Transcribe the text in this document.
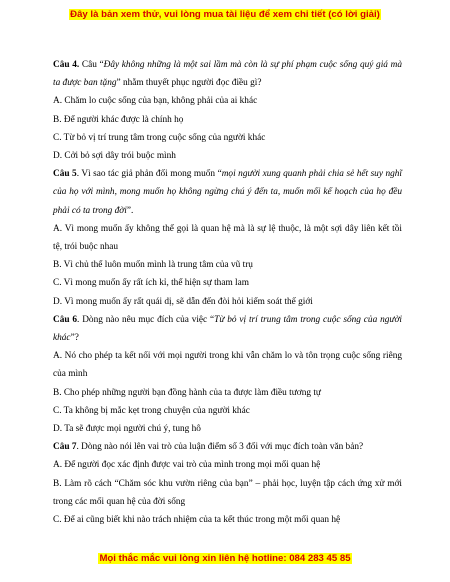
Đây là bản xem thử, vui lòng mua tài liệu để xem chi tiết (có lời giải)

Câu 4. Câu “Đây không những là một sai lầm mà còn là sự phí phạm cuộc sống quý giá mà ta được ban tặng” nhằm thuyết phục người đọc điều gì?

A. Chăm lo cuộc sống của bạn, không phải của ai khác

B. Để người khác được là chính họ

C. Từ bỏ vị trí trung tâm trong cuộc sống của người khác

D. Cởi bỏ sợi dây trói buộc mình

Câu 5. Vì sao tác giả phản đối mong muốn “mọi người xung quanh phải chia sẻ hết suy nghĩ của họ với mình, mong muốn họ không ngừng chú ý đến ta, muốn mối kế hoạch của họ đều phải có ta trong đời”.

A. Vì mong muốn ấy không thể gọi là quan hệ mà là sự lệ thuộc, là một sợi dây liên kết tồi tệ, trói buộc nhau

B. Vì chủ thể luôn muốn mình là trung tâm của vũ trụ

C. Vì mong muốn ấy rất ích kỉ, thể hiện sự tham lam

D. Vì mong muốn ấy rất quái dị, sẽ dẫn đến đòi hỏi kiểm soát thế giới

Câu 6. Dòng nào nêu mục đích của việc “Từ bỏ vị trí trung tâm trong cuộc sống của người khác”?

A. Nó cho phép ta kết nối với mọi người trong khi vẫn chăm lo và tôn trọng cuộc sống riêng của mình

B. Cho phép những người bạn đồng hành của ta được làm điều tương tự

C. Ta không bị mắc kẹt trong chuyện của người khác

D. Ta sẽ được mọi người chú ý, tung hô

Câu 7. Dòng nào nói lên vai trò của luận điểm số 3 đối với mục đích toàn văn bản?

A. Để người đọc xác định được vai trò của mình trong mọi mối quan hệ

B. Làm rõ cách “Chăm sóc khu vườn riêng của bạn” – phải học, luyện tập cách ứng xử mới trong các mối quan hệ của đời sống

C. Để ai cũng biết khi nào trách nhiệm của ta kết thúc trong một mối quan hệ

Mọi thắc mắc vui lòng xin liên hệ hotline: 084 283 45 85
